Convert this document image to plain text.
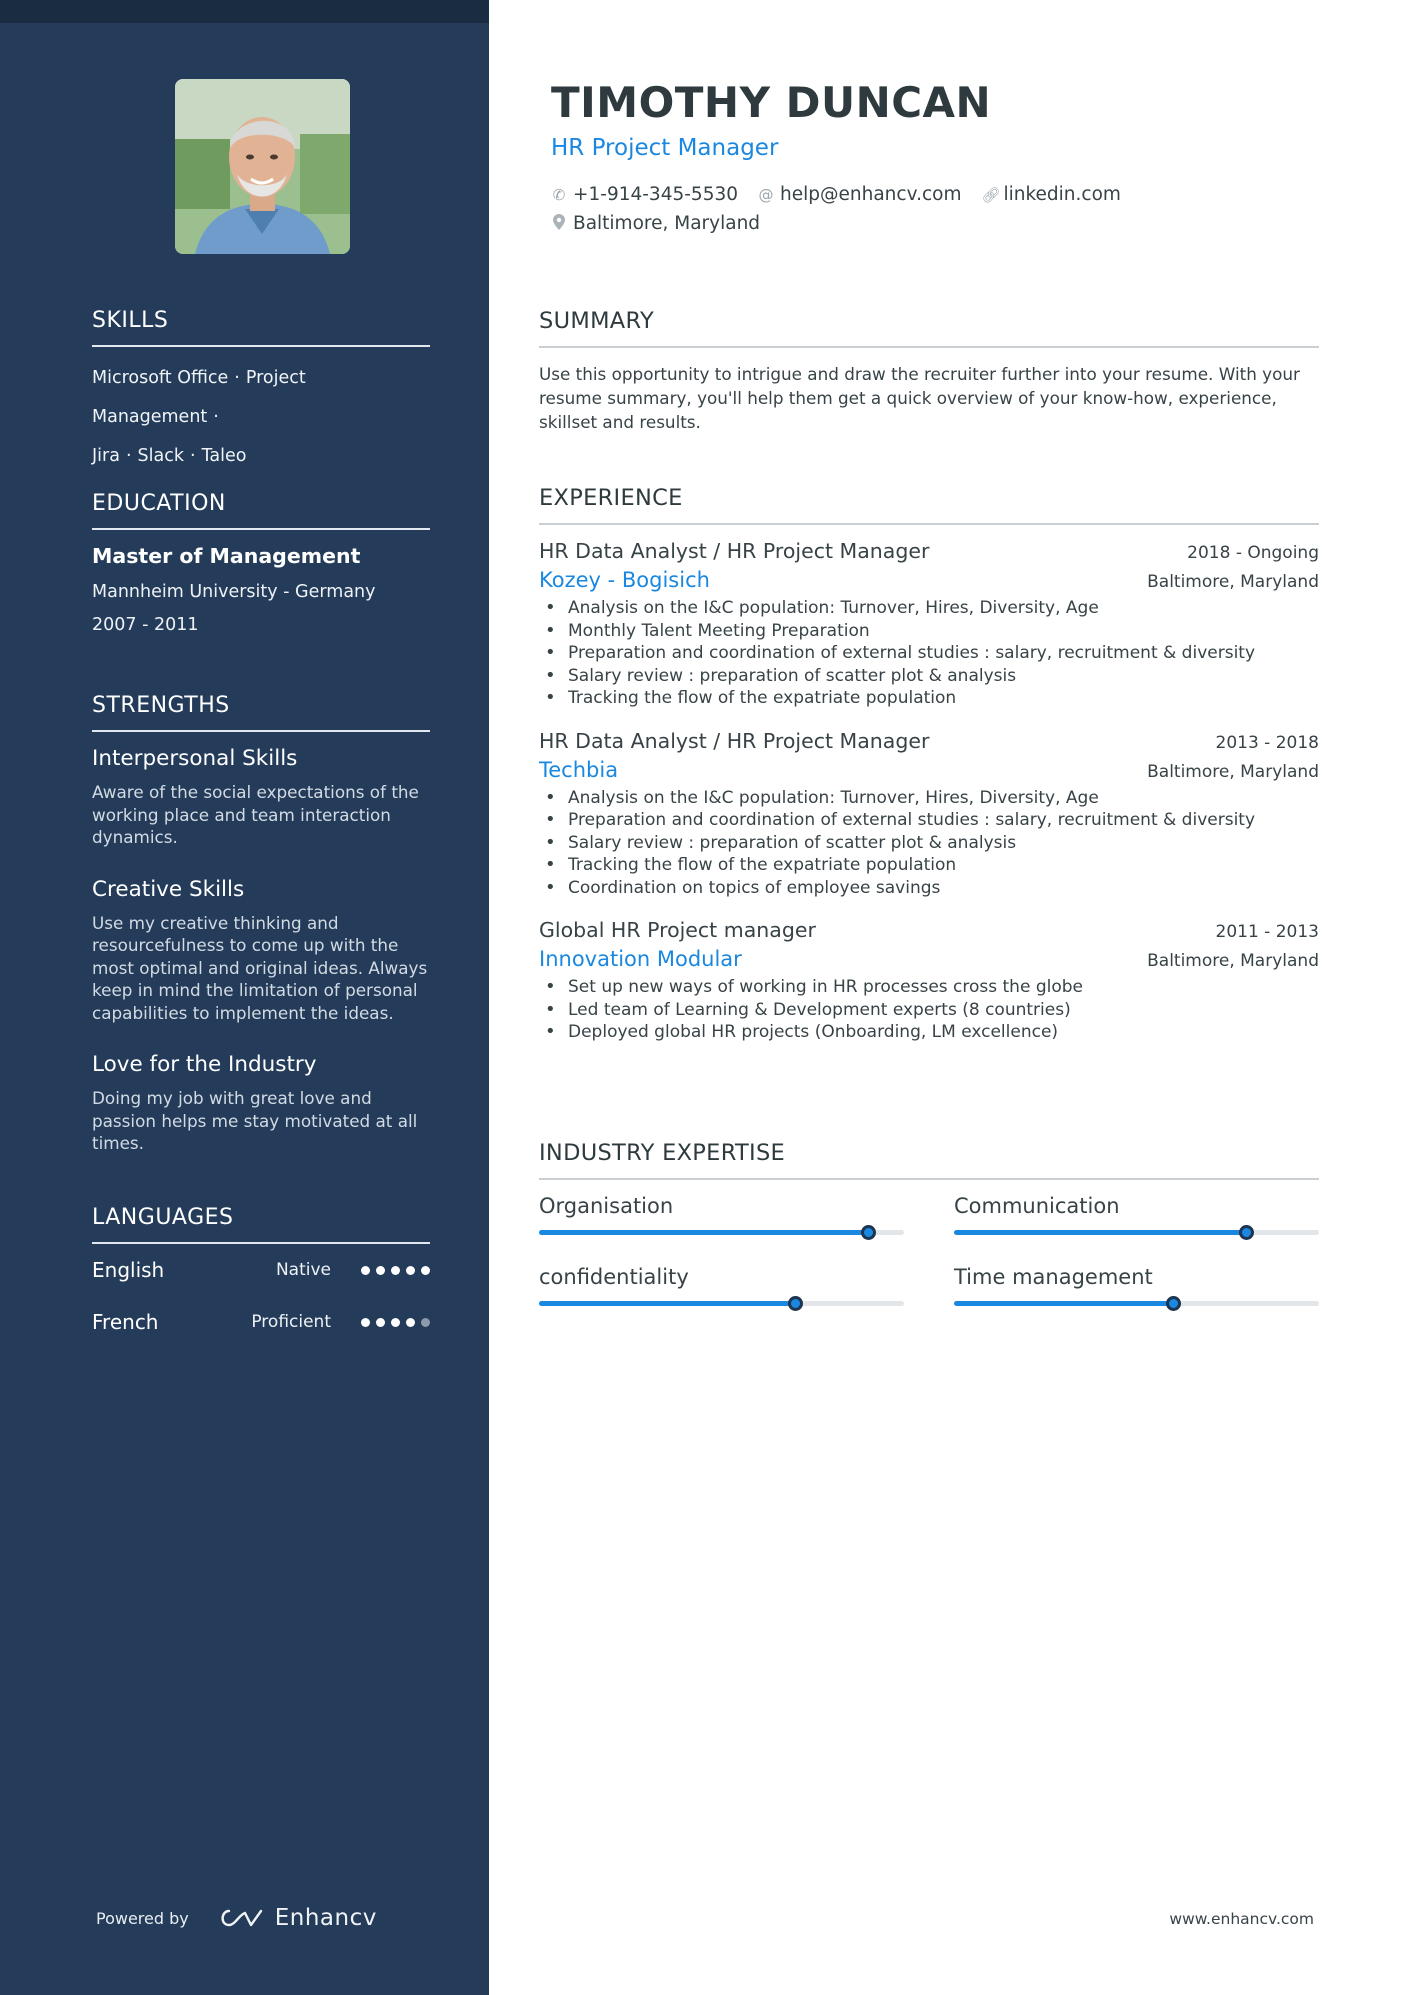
SKILLS
Microsoft Office · Project Management ·
Jira · Slack · Taleo
EDUCATION
Master of Management
Mannheim University - Germany
2007 - 2011
STRENGTHS
Interpersonal Skills
Aware of the social expectations of the working place and team interaction dynamics.
Creative Skills
Use my creative thinking and resourcefulness to come up with the most optimal and original ideas. Always keep in mind the limitation of personal capabilities to implement the ideas.
Love for the Industry
Doing my job with great love and passion helps me stay motivated at all times.
LANGUAGES
English	Native
French	Proficient
Powered by	Enhancv
TIMOTHY DUNCAN
HR Project Manager
✆ +1-914-345-5530 @ help@enhancv.com 🔗︎ linkedin.com
Baltimore, Maryland
SUMMARY
Use this opportunity to intrigue and draw the recruiter further into your resume. With your resume summary, you'll help them get a quick overview of your know-how, experience, skillset and results.
EXPERIENCE
HR Data Analyst / HR Project Manager	2018 - Ongoing
Kozey - Bogisich	Baltimore, Maryland
• Analysis on the I&C population: Turnover, Hires, Diversity, Age
• Monthly Talent Meeting Preparation
• Preparation and coordination of external studies : salary, recruitment & diversity
• Salary review : preparation of scatter plot & analysis
• Tracking the flow of the expatriate population
HR Data Analyst / HR Project Manager	2013 - 2018
Techbia	Baltimore, Maryland
• Analysis on the I&C population: Turnover, Hires, Diversity, Age
• Preparation and coordination of external studies : salary, recruitment & diversity
• Salary review : preparation of scatter plot & analysis
• Tracking the flow of the expatriate population
• Coordination on topics of employee savings
Global HR Project manager	2011 - 2013
Innovation Modular	Baltimore, Maryland
• Set up new ways of working in HR processes cross the globe
• Led team of Learning & Development experts (8 countries)
• Deployed global HR projects (Onboarding, LM excellence)
INDUSTRY EXPERTISE
Organisation	Communication
confidentiality	Time management
www.enhancv.com
